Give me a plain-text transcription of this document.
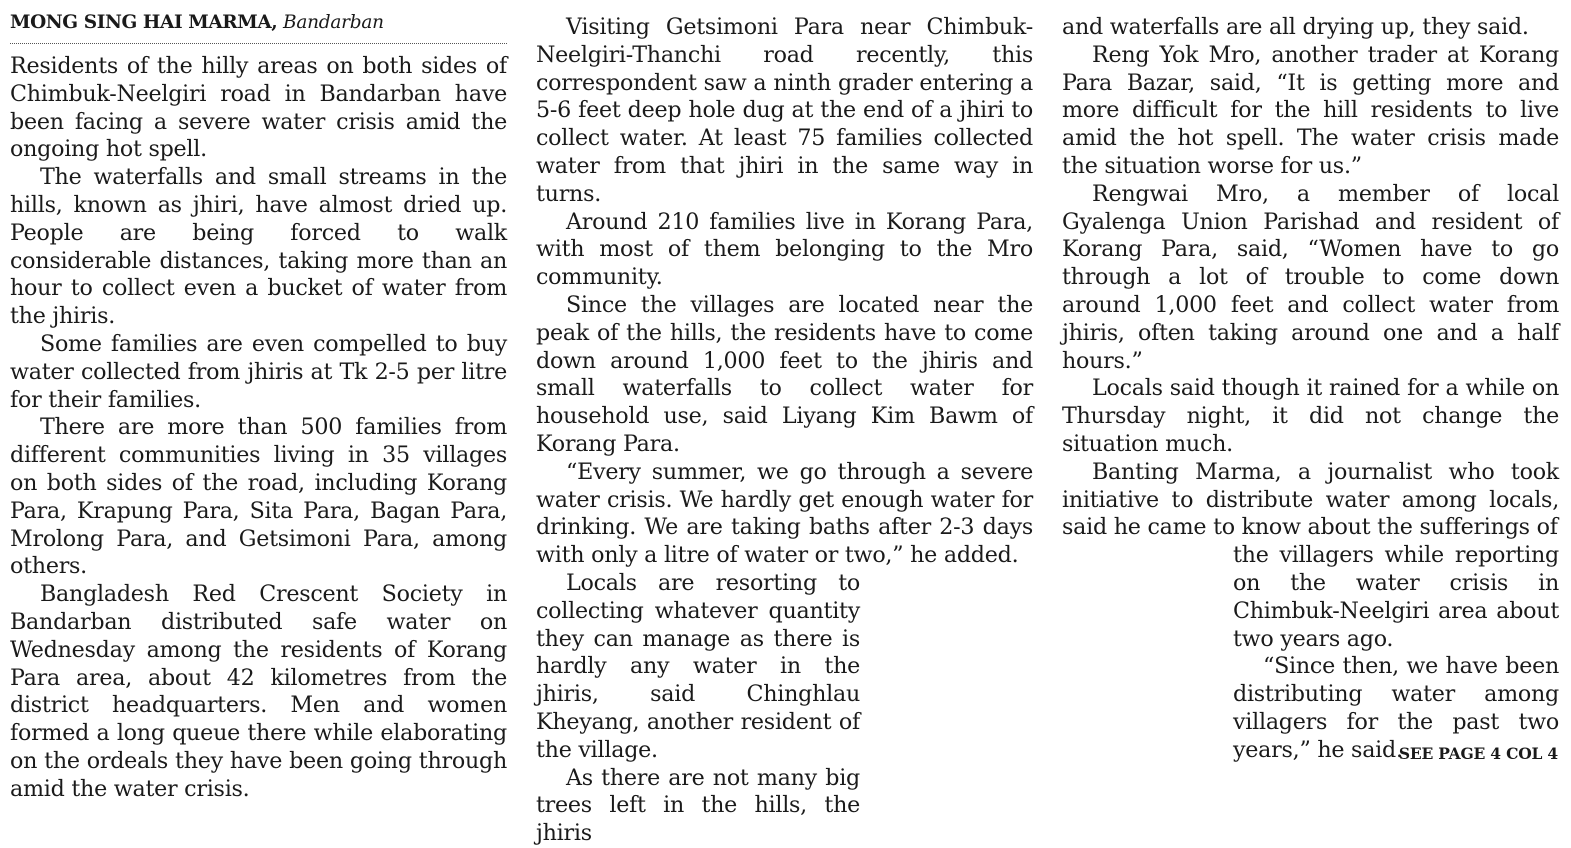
MONG SING HAI MARMA, Bandarban

Residents of the hilly areas on both sides of Chimbuk-Neelgiri road in Bandarban have been facing a severe water crisis amid the ongoing hot spell.

The waterfalls and small streams in the hills, known as jhiri, have almost dried up. People are being forced to walk considerable distances, taking more than an hour to collect even a bucket of water from the jhiris.

Some families are even compelled to buy water collected from jhiris at Tk 2-5 per litre for their families.

There are more than 500 families from different communities living in 35 villages on both sides of the road, including Korang Para, Krapung Para, Sita Para, Bagan Para, Mrolong Para, and Getsimoni Para, among others.

Bangladesh Red Crescent Society in Bandarban distributed safe water on Wednesday among the residents of Korang Para area, about 42 kilometres from the district headquarters. Men and women formed a long queue there while elaborating on the ordeals they have been going through amid the water crisis.

Visiting Getsimoni Para near Chimbuk-Neelgiri-Thanchi road recently, this correspondent saw a ninth grader entering a 5-6 feet deep hole dug at the end of a jhiri to collect water. At least 75 families collected water from that jhiri in the same way in turns.

Around 210 families live in Korang Para, with most of them belonging to the Mro community.

Since the villages are located near the peak of the hills, the residents have to come down around 1,000 feet to the jhiris and small waterfalls to collect water for household use, said Liyang Kim Bawm of Korang Para.

“Every summer, we go through a severe water crisis. We hardly get enough water for drinking. We are taking baths after 2-3 days with only a litre of water or two,” he added.

Locals are resorting to collecting whatever quantity they can manage as there is hardly any water in the jhiris, said Chinghlau Kheyang, another resident of the village.

As there are not many big trees left in the hills, the jhiris

and waterfalls are all drying up, they said.

Reng Yok Mro, another trader at Korang Para Bazar, said, “It is getting more and more difficult for the hill residents to live amid the hot spell. The water crisis made the situation worse for us.”

Rengwai Mro, a member of local Gyalenga Union Parishad and resident of Korang Para, said, “Women have to go through a lot of trouble to come down around 1,000 feet and collect water from jhiris, often taking around one and a half hours.”

Locals said though it rained for a while on Thursday night, it did not change the situation much.

Banting Marma, a journalist who took initiative to distribute water among locals, said he came to know about the sufferings of

the villagers while reporting on the water crisis in Chimbuk-Neelgiri area about two years ago.

“Since then, we have been distributing water among villagers for the past two years,” he said.

SEE PAGE 4 COL 4
